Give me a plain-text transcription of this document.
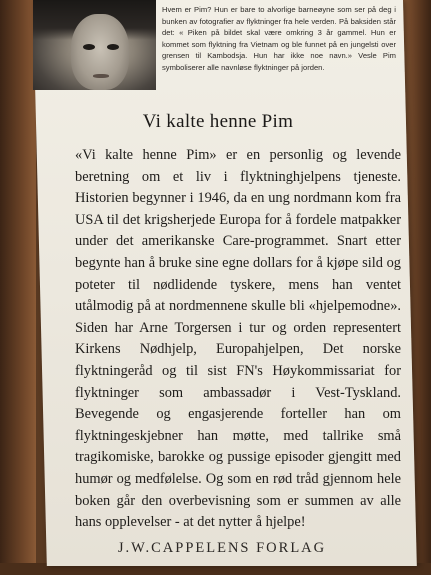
Hvem er Pim? Hun er bare to alvorlige barneøyne som ser på deg i bunken av fotografier av flyktninger fra hele verden. På baksiden står det: « Piken på bildet skal være omkring 3 år gammel. Hun er kommet som flyktning fra Vietnam og ble funnet på en jungelsti over grensen til Kambodsja. Hun har ikke noe navn.» Vesle Pim symboliserer alle navnløse flyktninger på jorden.
Vi kalte henne Pim
«Vi kalte henne Pim» er en personlig og levende beretning om et liv i flyktninghjelpens tjeneste. Historien begynner i 1946, da en ung nordmann kom fra USA til det krigsherjede Europa for å fordele matpakker under det amerikanske Care-programmet. Snart etter begynte han å bruke sine egne dollars for å kjøpe sild og poteter til nødlidende tyskere, mens han ventet utålmodig på at nordmennene skulle bli «hjelpemodne». Siden har Arne Torgersen i tur og orden representert Kirkens Nødhjelp, Europahjelpen, Det norske flyktningeråd og til sist FN's Høykommissariat for flyktninger som ambassadør i Vest-Tyskland. Bevegende og engasjerende forteller han om flyktningeskjebner han møtte, med tallrike små tragikomiske, barokke og pussige episoder gjengitt med humør og medfølelse. Og som en rød tråd gjennom hele boken går den overbevisning som er summen av alle hans opplevelser - at det nytter å hjelpe!
J.W.CAPPELENS FORLAG
